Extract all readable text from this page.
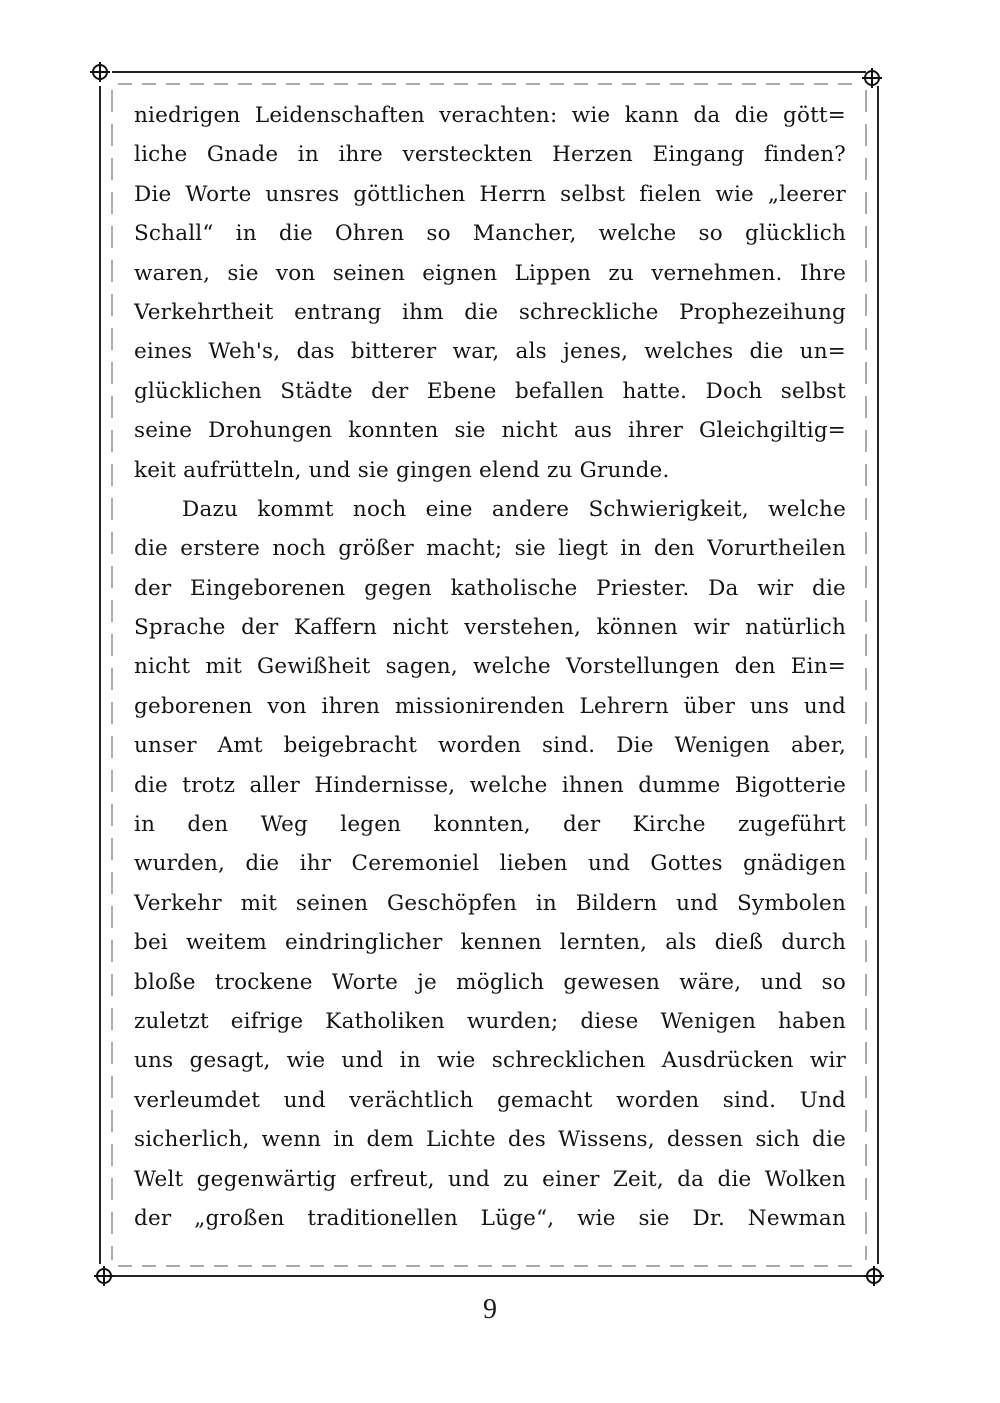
niedrigen Leidenschaften verachten: wie kann da die gött=
liche Gnade in ihre versteckten Herzen Eingang finden?
Die Worte unsres göttlichen Herrn selbst fielen wie „leerer
Schall“ in die Ohren so Mancher, welche so glücklich
waren, sie von seinen eignen Lippen zu vernehmen. Ihre
Verkehrtheit entrang ihm die schreckliche Prophezeihung
eines Weh's, das bitterer war, als jenes, welches die un=
glücklichen Städte der Ebene befallen hatte. Doch selbst
seine Drohungen konnten sie nicht aus ihrer Gleichgiltig=
keit aufrütteln, und sie gingen elend zu Grunde.
Dazu kommt noch eine andere Schwierigkeit, welche
die erstere noch größer macht; sie liegt in den Vorurtheilen
der Eingeborenen gegen katholische Priester. Da wir die
Sprache der Kaffern nicht verstehen, können wir natürlich
nicht mit Gewißheit sagen, welche Vorstellungen den Ein=
geborenen von ihren missionirenden Lehrern über uns und
unser Amt beigebracht worden sind. Die Wenigen aber,
die trotz aller Hindernisse, welche ihnen dumme Bigotterie
in den Weg legen konnten, der Kirche zugeführt
wurden, die ihr Ceremoniel lieben und Gottes gnädigen
Verkehr mit seinen Geschöpfen in Bildern und Symbolen
bei weitem eindringlicher kennen lernten, als dieß durch
bloße trockene Worte je möglich gewesen wäre, und so
zuletzt eifrige Katholiken wurden; diese Wenigen haben
uns gesagt, wie und in wie schrecklichen Ausdrücken wir
verleumdet und verächtlich gemacht worden sind. Und
sicherlich, wenn in dem Lichte des Wissens, dessen sich die
Welt gegenwärtig erfreut, und zu einer Zeit, da die Wolken
der „großen traditionellen Lüge“, wie sie Dr. Newman
9
